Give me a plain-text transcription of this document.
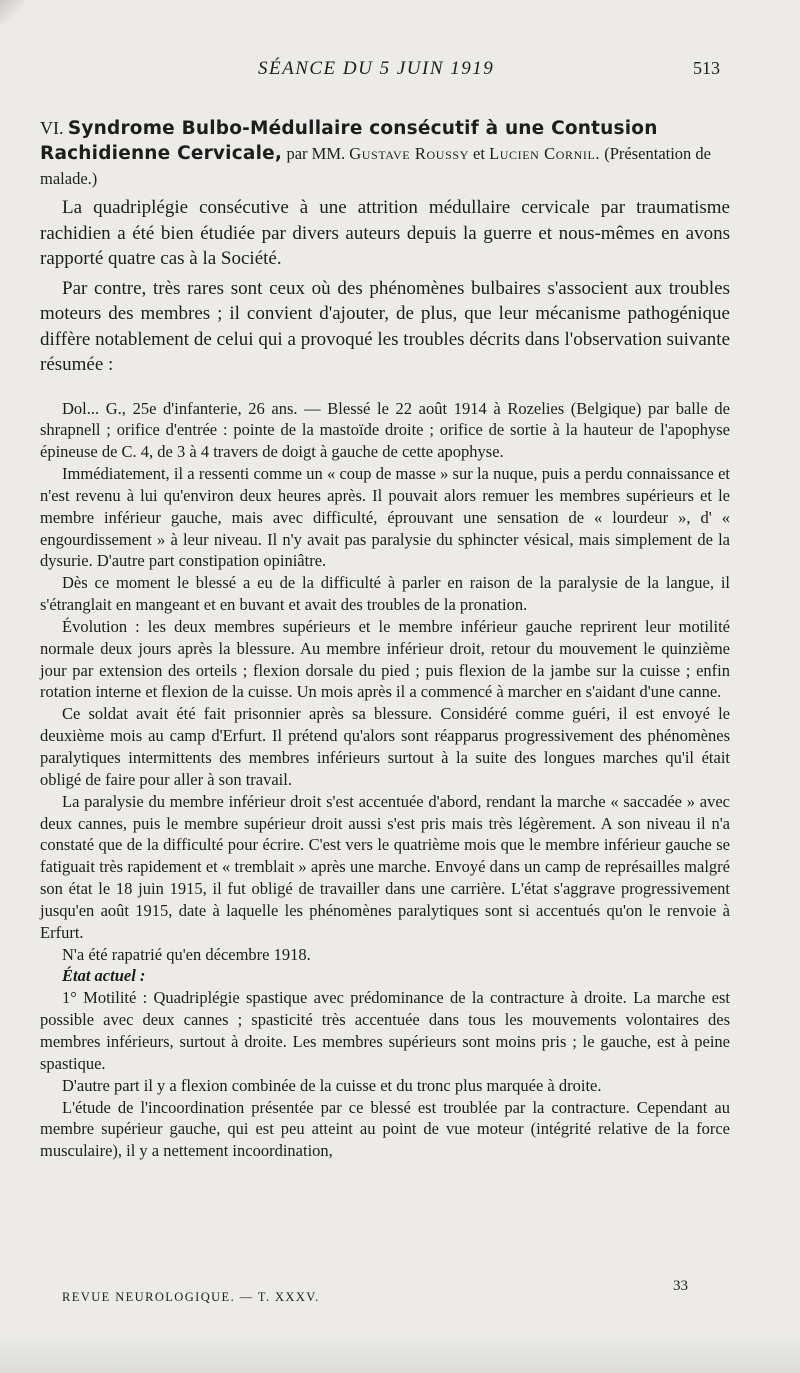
SÉANCE DU 5 JUIN 1919	513
VI. Syndrome Bulbo-Médullaire consécutif à une Contusion Rachidienne Cervicale, par MM. Gustave Roussy et Lucien Cornil. (Présentation de malade.)

La quadriplégie consécutive à une attrition médullaire cervicale par traumatisme rachidien a été bien étudiée par divers auteurs depuis la guerre et nous-mêmes en avons rapporté quatre cas à la Société.

Par contre, très rares sont ceux où des phénomènes bulbaires s'associent aux troubles moteurs des membres ; il convient d'ajouter, de plus, que leur mécanisme pathogénique diffère notablement de celui qui a provoqué les troubles décrits dans l'observation suivante résumée :

Dol... G., 25e d'infanterie, 26 ans. — Blessé le 22 août 1914 à Rozelies (Belgique) par balle de shrapnell ; orifice d'entrée : pointe de la mastoïde droite ; orifice de sortie à la hauteur de l'apophyse épineuse de C. 4, de 3 à 4 travers de doigt à gauche de cette apophyse.

Immédiatement, il a ressenti comme un « coup de masse » sur la nuque, puis a perdu connaissance et n'est revenu à lui qu'environ deux heures après. Il pouvait alors remuer les membres supérieurs et le membre inférieur gauche, mais avec difficulté, éprouvant une sensation de « lourdeur », d' « engourdissement » à leur niveau. Il n'y avait pas paralysie du sphincter vésical, mais simplement de la dysurie. D'autre part constipation opiniâtre.

Dès ce moment le blessé a eu de la difficulté à parler en raison de la paralysie de la langue, il s'étranglait en mangeant et en buvant et avait des troubles de la pronation.

Évolution : les deux membres supérieurs et le membre inférieur gauche reprirent leur motilité normale deux jours après la blessure. Au membre inférieur droit, retour du mouvement le quinzième jour par extension des orteils ; flexion dorsale du pied ; puis flexion de la jambe sur la cuisse ; enfin rotation interne et flexion de la cuisse. Un mois après il a commencé à marcher en s'aidant d'une canne.

Ce soldat avait été fait prisonnier après sa blessure. Considéré comme guéri, il est envoyé le deuxième mois au camp d'Erfurt. Il prétend qu'alors sont réapparus progressivement des phénomènes paralytiques intermittents des membres inférieurs surtout à la suite des longues marches qu'il était obligé de faire pour aller à son travail.

La paralysie du membre inférieur droit s'est accentuée d'abord, rendant la marche « saccadée » avec deux cannes, puis le membre supérieur droit aussi s'est pris mais très légèrement. A son niveau il n'a constaté que de la difficulté pour écrire. C'est vers le quatrième mois que le membre inférieur gauche se fatiguait très rapidement et « tremblait » après une marche. Envoyé dans un camp de représailles malgré son état le 18 juin 1915, il fut obligé de travailler dans une carrière. L'état s'aggrave progressivement jusqu'en août 1915, date à laquelle les phénomènes paralytiques sont si accentués qu'on le renvoie à Erfurt.

N'a été rapatrié qu'en décembre 1918.

État actuel :

1° Motilité : Quadriplégie spastique avec prédominance de la contracture à droite. La marche est possible avec deux cannes ; spasticité très accentuée dans tous les mouvements volontaires des membres inférieurs, surtout à droite. Les membres supérieurs sont moins pris ; le gauche, est à peine spastique.

D'autre part il y a flexion combinée de la cuisse et du tronc plus marquée à droite.

L'étude de l'incoordination présentée par ce blessé est troublée par la contracture. Cependant au membre supérieur gauche, qui est peu atteint au point de vue moteur (intégrité relative de la force musculaire), il y a nettement incoordination,

33
REVUE NEUROLOGIQUE. — T. XXXV.
